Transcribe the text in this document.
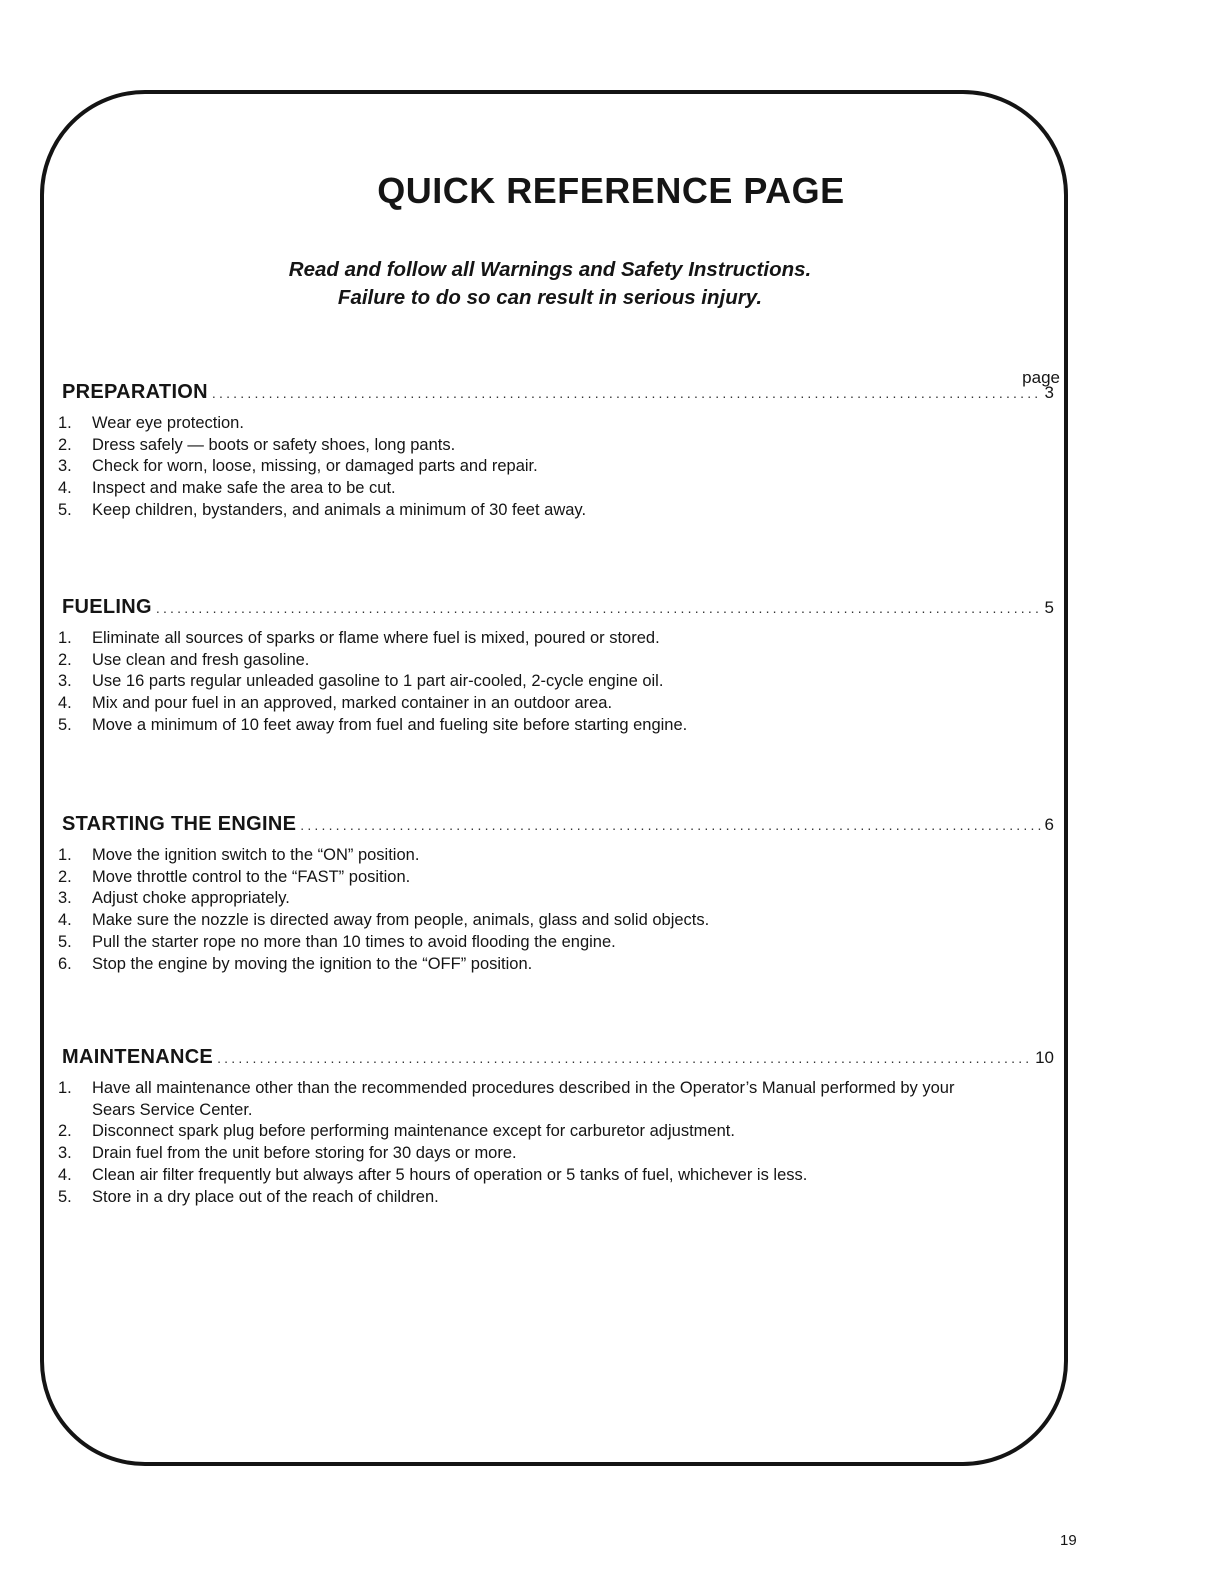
QUICK REFERENCE PAGE
Read and follow all Warnings and Safety Instructions.
Failure to do so can result in serious injury.
page
PREPARATION .....	3
1.	Wear eye protection.
2.	Dress safely — boots or safety shoes, long pants.
3.	Check for worn, loose, missing, or damaged parts and repair.
4.	Inspect and make safe the area to be cut.
5.	Keep children, bystanders, and animals a minimum of 30 feet away.
FUELING .....	5
1.	Eliminate all sources of sparks or flame where fuel is mixed, poured or stored.
2.	Use clean and fresh gasoline.
3.	Use 16 parts regular unleaded gasoline to 1 part air-cooled, 2-cycle engine oil.
4.	Mix and pour fuel in an approved, marked container in an outdoor area.
5.	Move a minimum of 10 feet away from fuel and fueling site before starting engine.
STARTING THE ENGINE .....	6
1.	Move the ignition switch to the “ON” position.
2.	Move throttle control to the “FAST” position.
3.	Adjust choke appropriately.
4.	Make sure the nozzle is directed away from people, animals, glass and solid objects.
5.	Pull the starter rope no more than 10 times to avoid flooding the engine.
6.	Stop the engine by moving the ignition to the “OFF” position.
MAINTENANCE .....	10
1.	Have all maintenance other than the recommended procedures described in the Operator’s Manual performed by your Sears Service Center.
2.	Disconnect spark plug before performing maintenance except for carburetor adjustment.
3.	Drain fuel from the unit before storing for 30 days or more.
4.	Clean air filter frequently but always after 5 hours of operation or 5 tanks of fuel, whichever is less.
5.	Store in a dry place out of the reach of children.
19
